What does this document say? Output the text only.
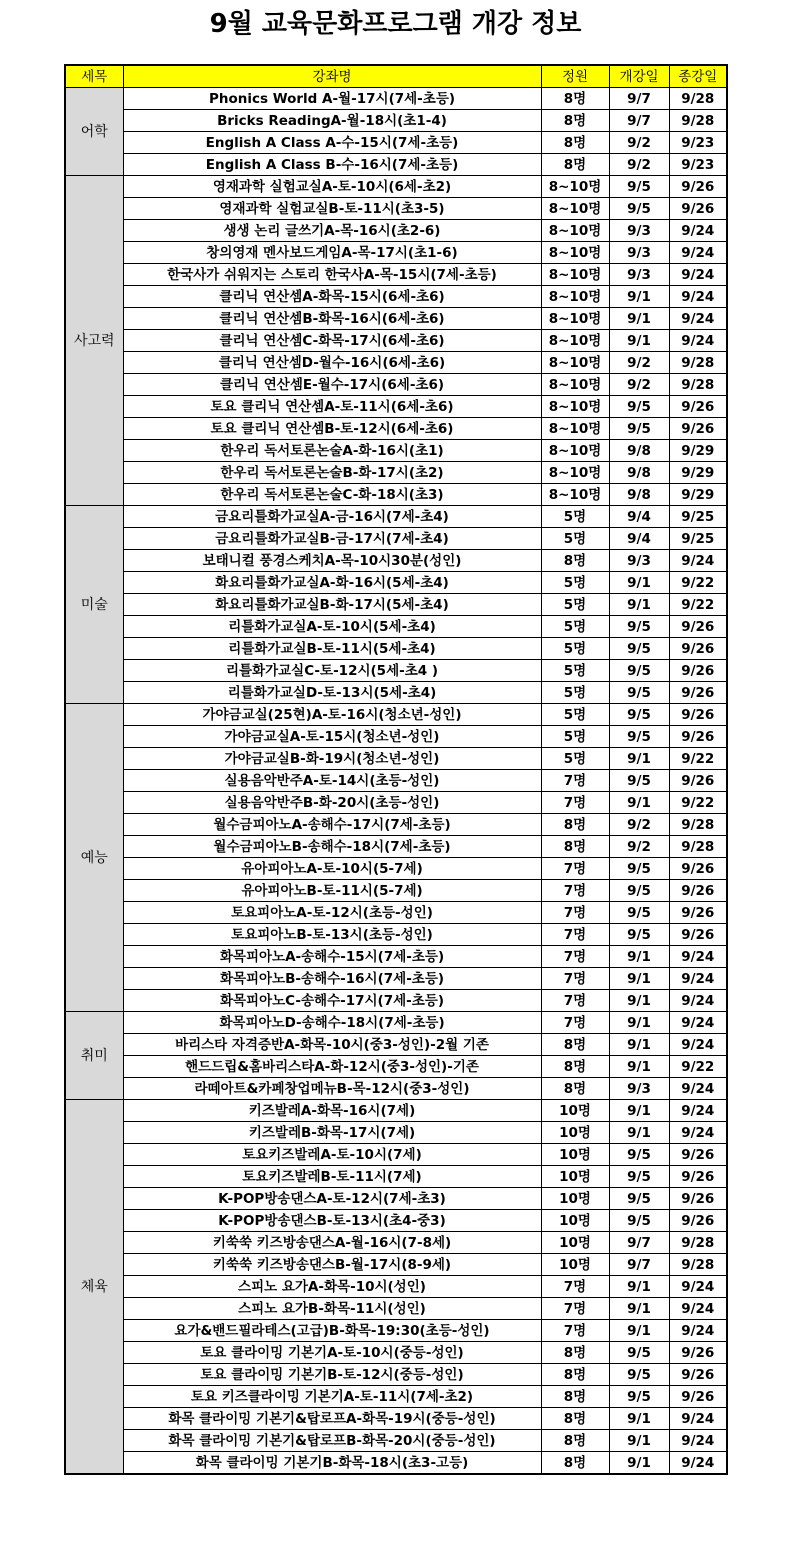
9월 교육문화프로그램 개강 정보
세목	강좌명	정원	개강일	종강일
어학	Phonics World A-월-17시(7세-초등)	8명	9/7	9/28
	Bricks ReadingA-월-18시(초1-4)	8명	9/7	9/28
	English A Class A-수-15시(7세-초등)	8명	9/2	9/23
	English A Class B-수-16시(7세-초등)	8명	9/2	9/23
사고력	영재과학 실험교실A-토-10시(6세-초2)	8~10명	9/5	9/26
	영재과학 실험교실B-토-11시(초3-5)	8~10명	9/5	9/26
	생생 논리 글쓰기A-목-16시(초2-6)	8~10명	9/3	9/24
	창의영재 멘사보드게임A-목-17시(초1-6)	8~10명	9/3	9/24
	한국사가 쉬워지는 스토리 한국사A-목-15시(7세-초등)	8~10명	9/3	9/24
	클리닉 연산셈A-화목-15시(6세-초6)	8~10명	9/1	9/24
	클리닉 연산셈B-화목-16시(6세-초6)	8~10명	9/1	9/24
	클리닉 연산셈C-화목-17시(6세-초6)	8~10명	9/1	9/24
	클리닉 연산셈D-월수-16시(6세-초6)	8~10명	9/2	9/28
	클리닉 연산셈E-월수-17시(6세-초6)	8~10명	9/2	9/28
	토요 클리닉 연산셈A-토-11시(6세-초6)	8~10명	9/5	9/26
	토요 클리닉 연산셈B-토-12시(6세-초6)	8~10명	9/5	9/26
	한우리 독서토론논술A-화-16시(초1)	8~10명	9/8	9/29
	한우리 독서토론논술B-화-17시(초2)	8~10명	9/8	9/29
	한우리 독서토론논술C-화-18시(초3)	8~10명	9/8	9/29
미술	금요리틀화가교실A-금-16시(7세-초4)	5명	9/4	9/25
	금요리틀화가교실B-금-17시(7세-초4)	5명	9/4	9/25
	보태니컬 풍경스케치A-목-10시30분(성인)	8명	9/3	9/24
	화요리틀화가교실A-화-16시(5세-초4)	5명	9/1	9/22
	화요리틀화가교실B-화-17시(5세-초4)	5명	9/1	9/22
	리틀화가교실A-토-10시(5세-초4)	5명	9/5	9/26
	리틀화가교실B-토-11시(5세-초4)	5명	9/5	9/26
	리틀화가교실C-토-12시(5세-초4 )	5명	9/5	9/26
	리틀화가교실D-토-13시(5세-초4)	5명	9/5	9/26
예능	가야금교실(25현)A-토-16시(청소년-성인)	5명	9/5	9/26
	가야금교실A-토-15시(청소년-성인)	5명	9/5	9/26
	가야금교실B-화-19시(청소년-성인)	5명	9/1	9/22
	실용음악반주A-토-14시(초등-성인)	7명	9/5	9/26
	실용음악반주B-화-20시(초등-성인)	7명	9/1	9/22
	월수금피아노A-송해수-17시(7세-초등)	8명	9/2	9/28
	월수금피아노B-송해수-18시(7세-초등)	8명	9/2	9/28
	유아피아노A-토-10시(5-7세)	7명	9/5	9/26
	유아피아노B-토-11시(5-7세)	7명	9/5	9/26
	토요피아노A-토-12시(초등-성인)	7명	9/5	9/26
	토요피아노B-토-13시(초등-성인)	7명	9/5	9/26
	화목피아노A-송해수-15시(7세-초등)	7명	9/1	9/24
	화목피아노B-송해수-16시(7세-초등)	7명	9/1	9/24
	화목피아노C-송해수-17시(7세-초등)	7명	9/1	9/24
취미	화목피아노D-송해수-18시(7세-초등)	7명	9/1	9/24
	바리스타 자격증반A-화목-10시(중3-성인)-2월 기존	8명	9/1	9/24
	핸드드립&홈바리스타A-화-12시(중3-성인)-기존	8명	9/1	9/22
	라떼아트&카페창업메뉴B-목-12시(중3-성인)	8명	9/3	9/24
체육	키즈발레A-화목-16시(7세)	10명	9/1	9/24
	키즈발레B-화목-17시(7세)	10명	9/1	9/24
	토요키즈발레A-토-10시(7세)	10명	9/5	9/26
	토요키즈발레B-토-11시(7세)	10명	9/5	9/26
	K-POP방송댄스A-토-12시(7세-초3)	10명	9/5	9/26
	K-POP방송댄스B-토-13시(초4-중3)	10명	9/5	9/26
	키쑥쑥 키즈방송댄스A-월-16시(7-8세)	10명	9/7	9/28
	키쑥쑥 키즈방송댄스B-월-17시(8-9세)	10명	9/7	9/28
	스피노 요가A-화목-10시(성인)	7명	9/1	9/24
	스피노 요가B-화목-11시(성인)	7명	9/1	9/24
	요가&밴드필라테스(고급)B-화목-19:30(초등-성인)	7명	9/1	9/24
	토요 클라이밍 기본기A-토-10시(중등-성인)	8명	9/5	9/26
	토요 클라이밍 기본기B-토-12시(중등-성인)	8명	9/5	9/26
	토요 키즈클라이밍 기본기A-토-11시(7세-초2)	8명	9/5	9/26
	화목 클라이밍 기본기&탑로프A-화목-19시(중등-성인)	8명	9/1	9/24
	화목 클라이밍 기본기&탑로프B-화목-20시(중등-성인)	8명	9/1	9/24
	화목 클라이밍 기본기B-화목-18시(초3-고등)	8명	9/1	9/24
